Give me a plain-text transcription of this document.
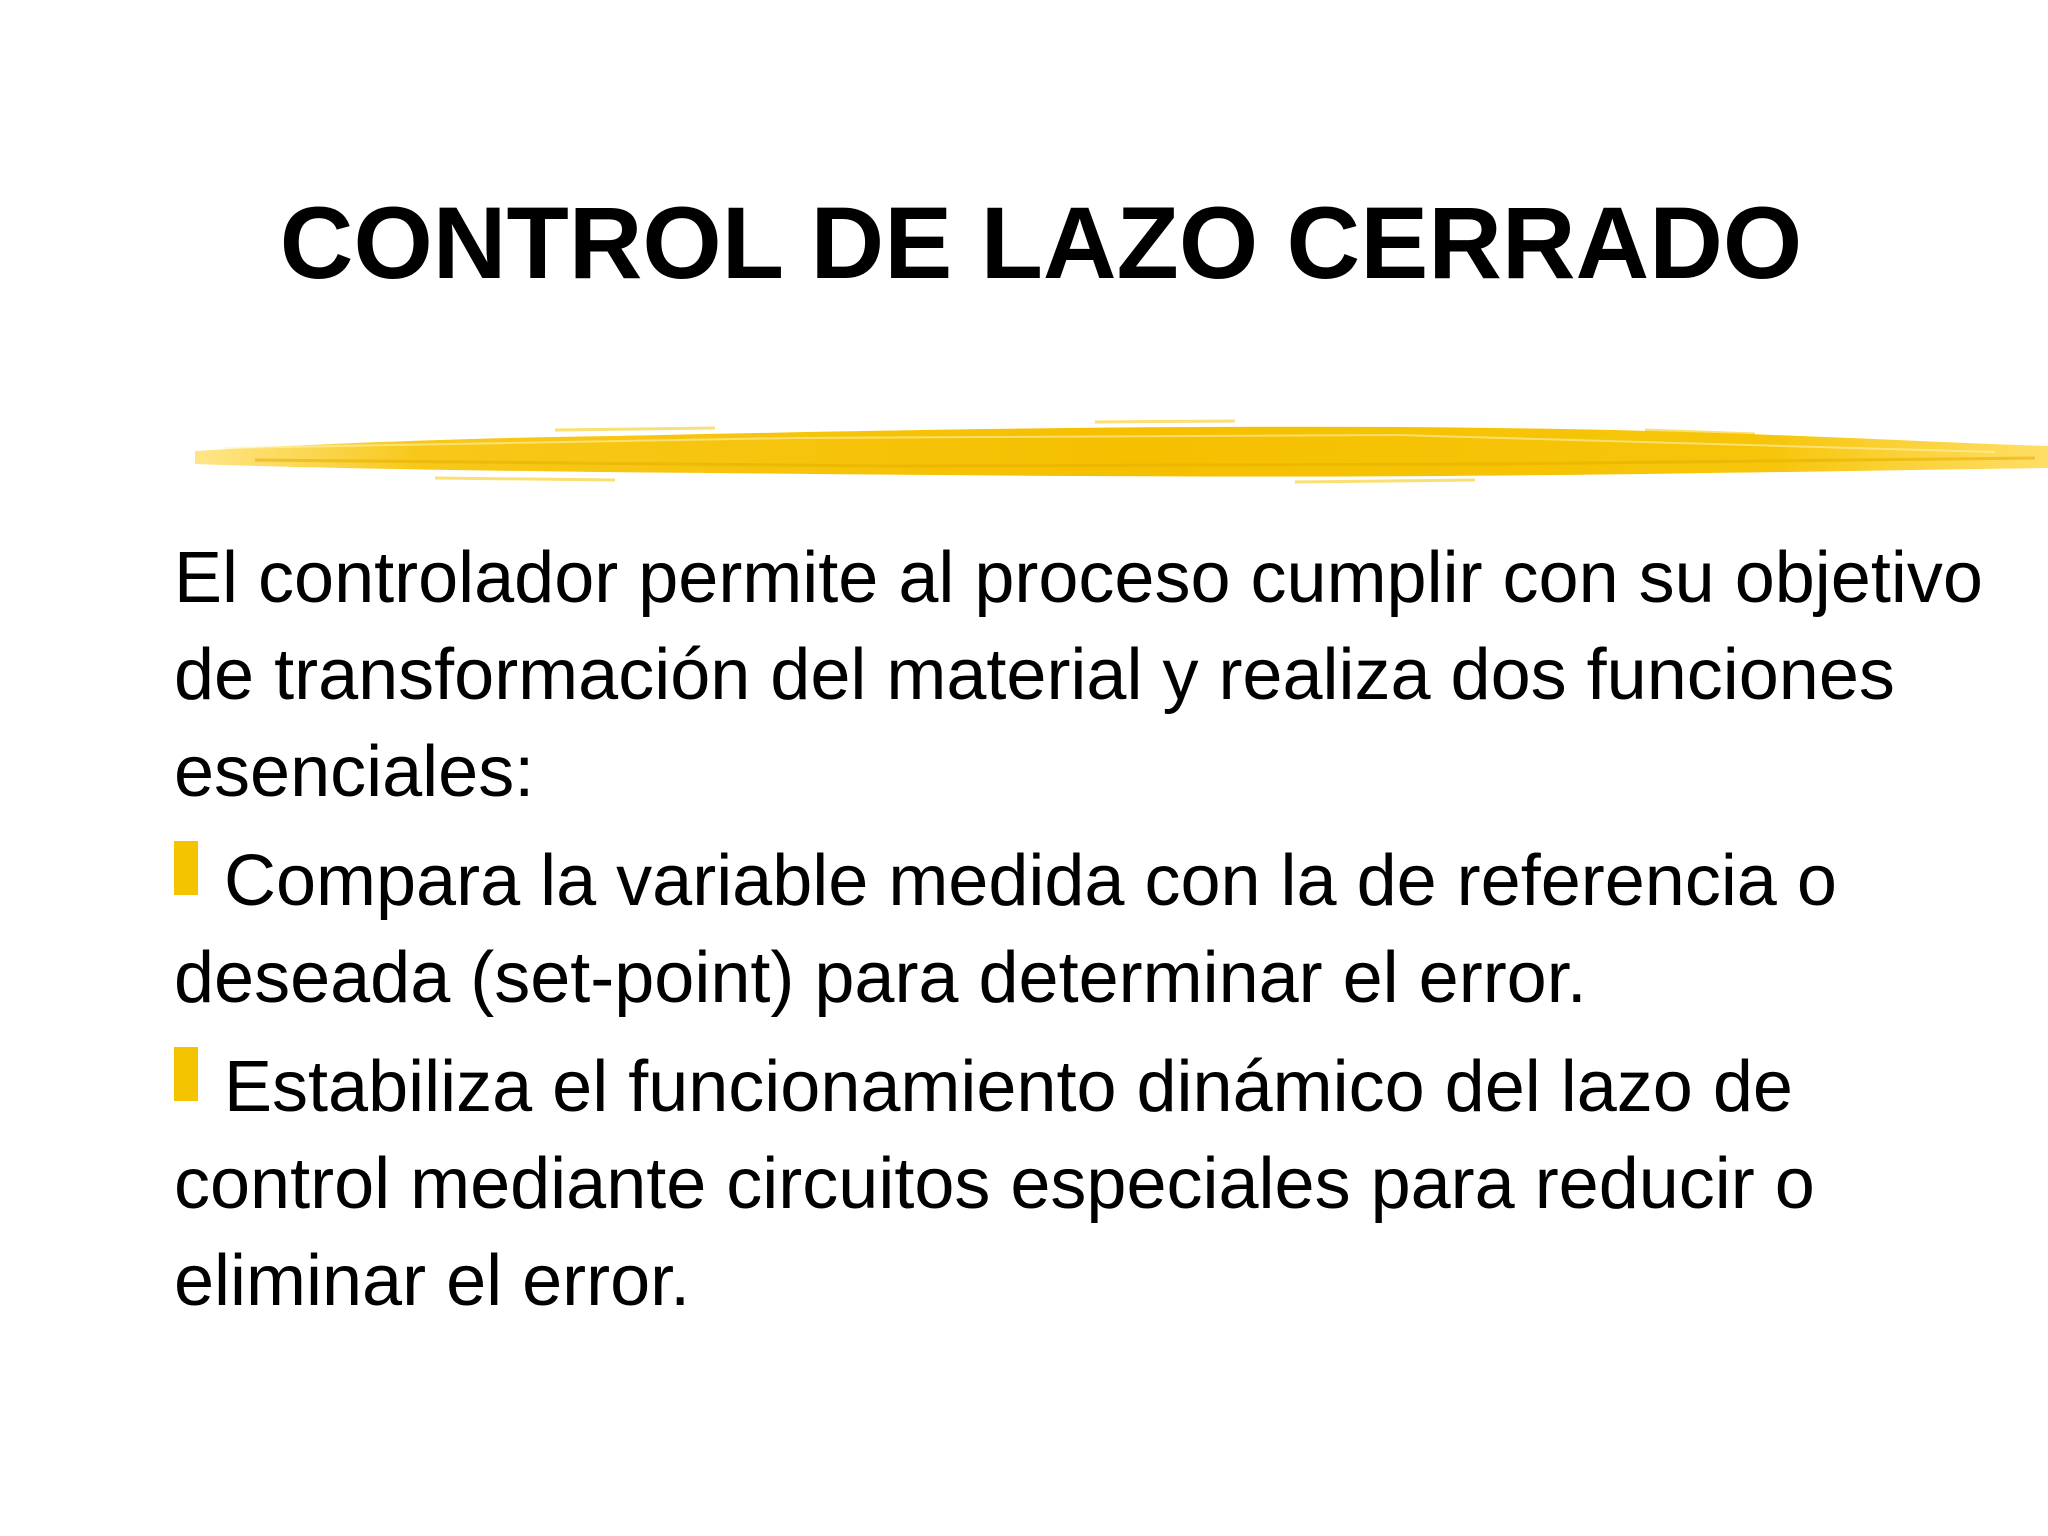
CONTROL DE LAZO CERRADO

El controlador permite al proceso cumplir con su objetivo de transformación del material y realiza dos funciones esenciales:

Compara la variable medida con la de referencia o deseada (set-point) para determinar el error.

Estabiliza el funcionamiento dinámico del lazo de control mediante circuitos especiales para reducir o eliminar el error.
